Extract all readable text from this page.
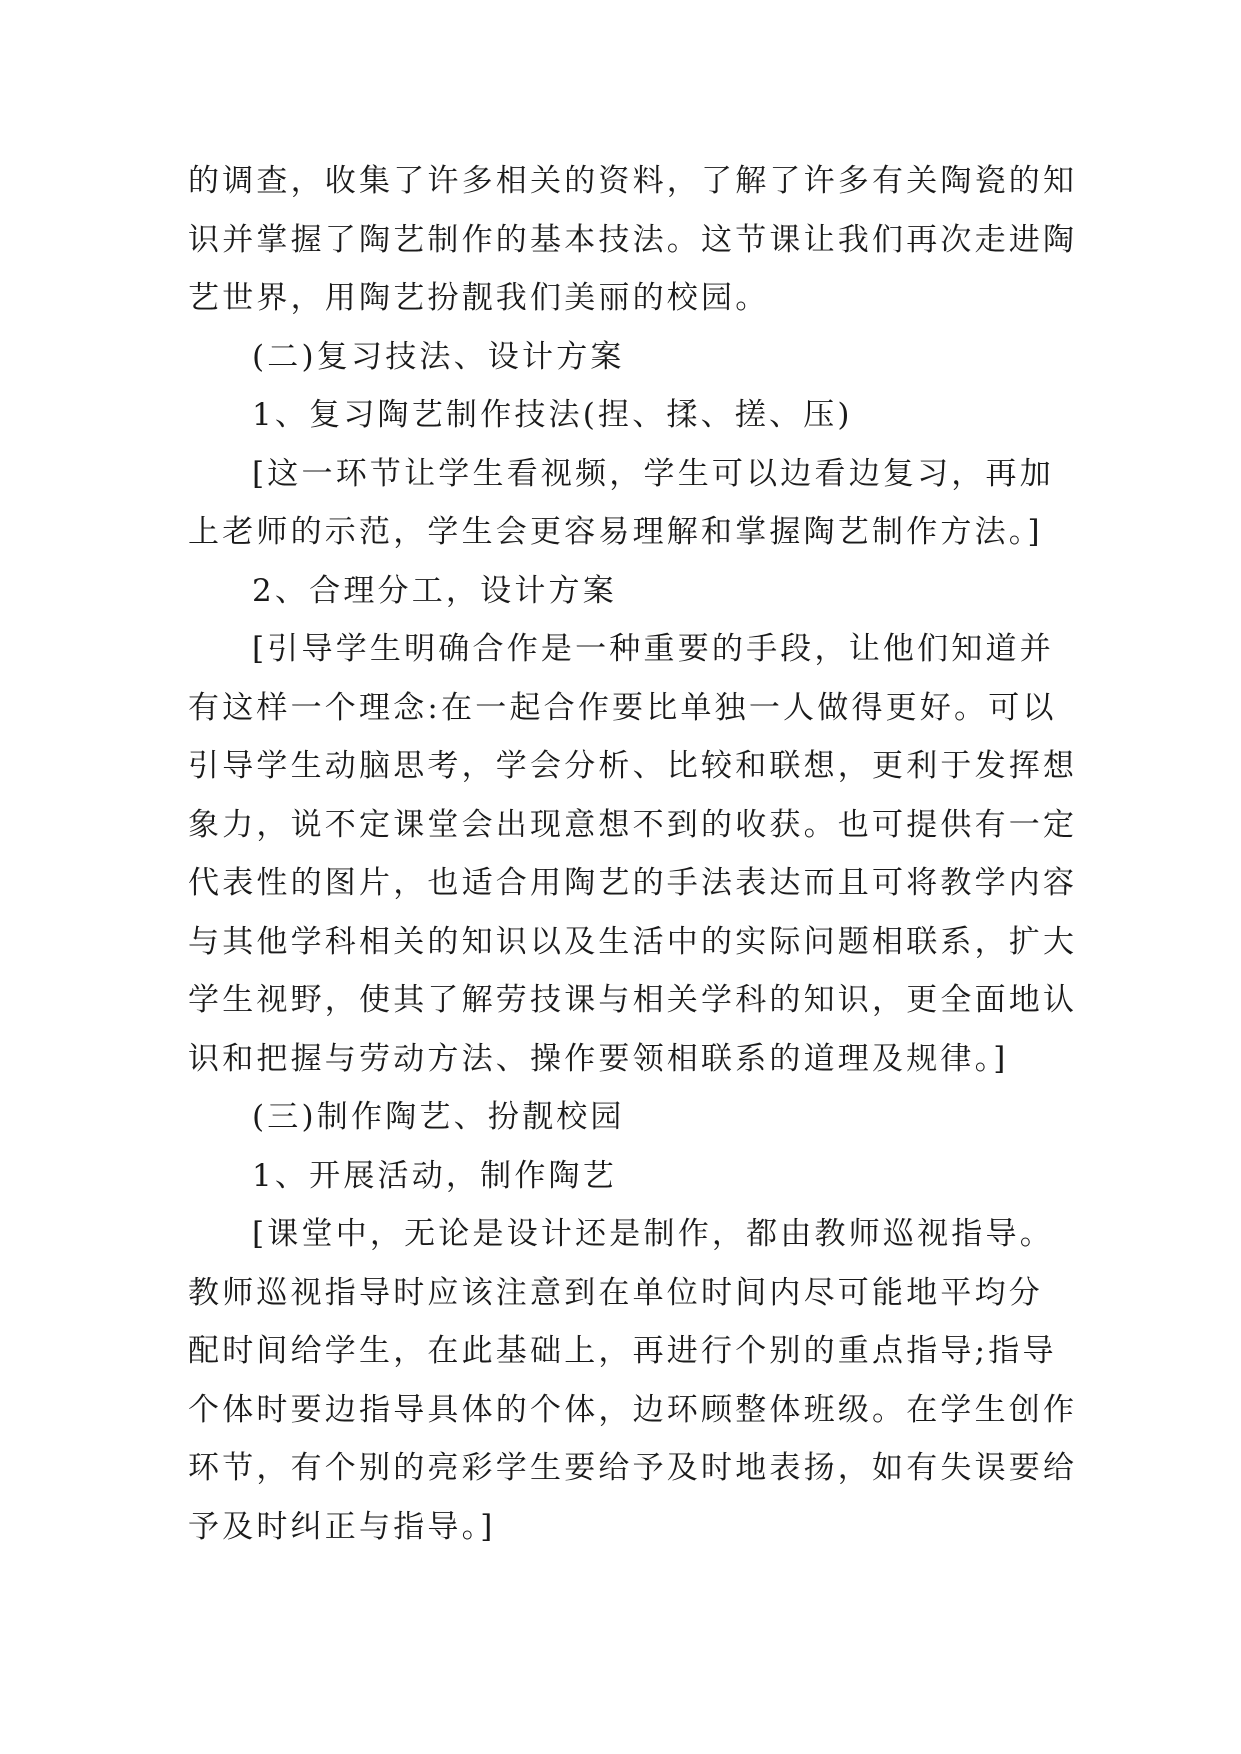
的调查，收集了许多相关的资料，了解了许多有关陶瓷的知
识并掌握了陶艺制作的基本技法。这节课让我们再次走进陶
艺世界，用陶艺扮靓我们美丽的校园。
(二)复习技法、设计方案
1、复习陶艺制作技法(捏、揉、搓、压)
[这一环节让学生看视频，学生可以边看边复习，再加
上老师的示范，学生会更容易理解和掌握陶艺制作方法。]
2、合理分工，设计方案
[引导学生明确合作是一种重要的手段，让他们知道并
有这样一个理念:在一起合作要比单独一人做得更好。可以
引导学生动脑思考，学会分析、比较和联想，更利于发挥想
象力，说不定课堂会出现意想不到的收获。也可提供有一定
代表性的图片，也适合用陶艺的手法表达而且可将教学内容
与其他学科相关的知识以及生活中的实际问题相联系，扩大
学生视野，使其了解劳技课与相关学科的知识，更全面地认
识和把握与劳动方法、操作要领相联系的道理及规律。]
(三)制作陶艺、扮靓校园
1、开展活动，制作陶艺
[课堂中，无论是设计还是制作，都由教师巡视指导。
教师巡视指导时应该注意到在单位时间内尽可能地平均分
配时间给学生，在此基础上，再进行个别的重点指导;指导
个体时要边指导具体的个体，边环顾整体班级。在学生创作
环节，有个别的亮彩学生要给予及时地表扬，如有失误要给
予及时纠正与指导。]
